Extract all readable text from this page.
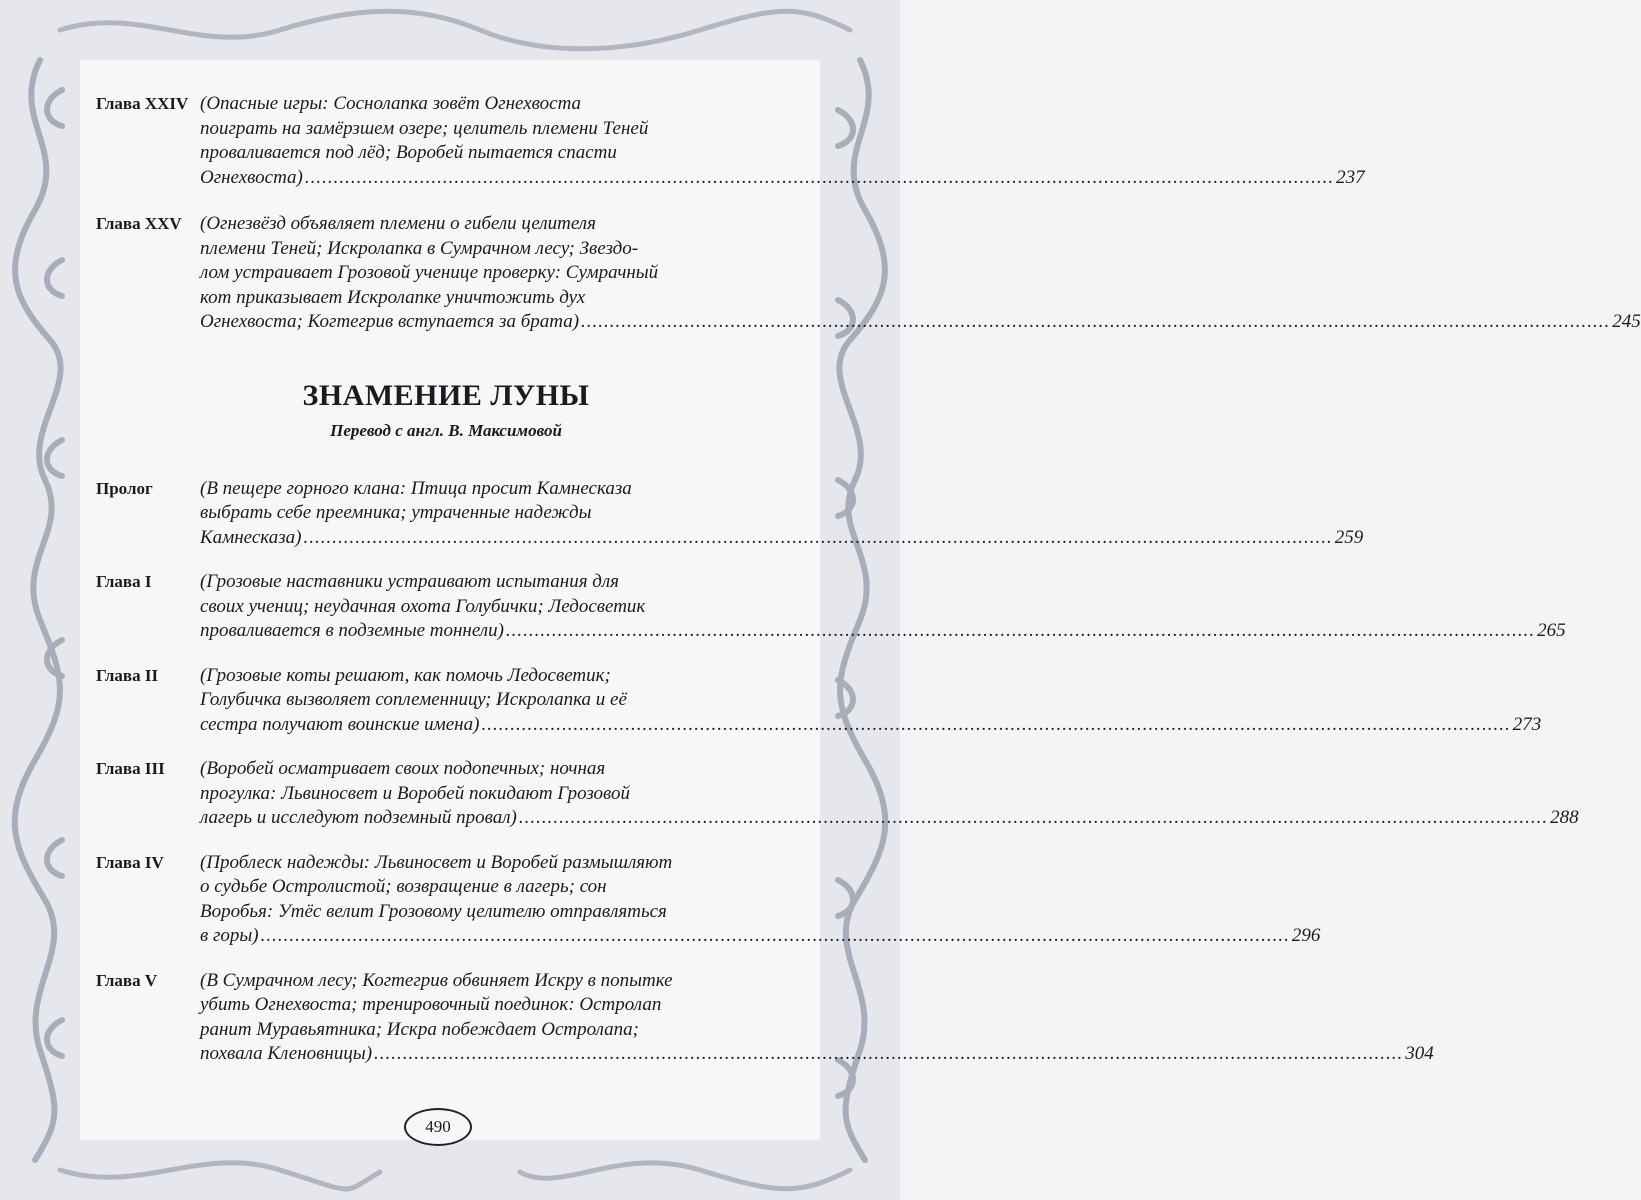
Глава XXIV (Опасные игры: Соснолапка зовёт Огнехвоста
поиграть на замёрзшем озере; целитель племени Теней
проваливается под лёд; Воробей пытается спасти
Огнехвоста) .....	237
Глава XXV (Огнезвёзд объявляет племени о гибели целителя
племени Теней; Искролапка в Сумрачном лесу; Звездо-
лом устраивает Грозовой ученице проверку: Сумрачный
кот приказывает Искролапке уничтожить дух
Огнехвоста; Когтегрив вступается за брата) .....	245
ЗНАМЕНИЕ ЛУНЫ
Перевод с англ. В. Максимовой
Пролог	(В пещере горного клана: Птица просит Камнесказа
выбрать себе преемника; утраченные надежды
Камнесказа) .....	259
Глава I	(Грозовые наставники устраивают испытания для
своих учениц; неудачная охота Голубички; Ледосветик
проваливается в подземные тоннели) .....	265
Глава II	(Грозовые коты решают, как помочь Ледосветик;
Голубичка вызволяет соплеменницу; Искролапка и её
сестра получают воинские имена) .....	273
Глава III	(Воробей осматривает своих подопечных; ночная
прогулка: Львиносвет и Воробей покидают Грозовой
лагерь и исследуют подземный провал) .....	288
Глава IV	(Проблеск надежды: Львиносвет и Воробей размышляют
о судьбе Остролистой; возвращение в лагерь; сон
Воробья: Утёс велит Грозовому целителю отправляться
в горы) .....	296
Глава V	(В Сумрачном лесу; Когтегрив обвиняет Искру в попытке
убить Огнехвоста; тренировочный поединок: Остролап
ранит Муравьятника; Искра побеждает Остролапа;
похвала Кленовницы) .....	304
490
